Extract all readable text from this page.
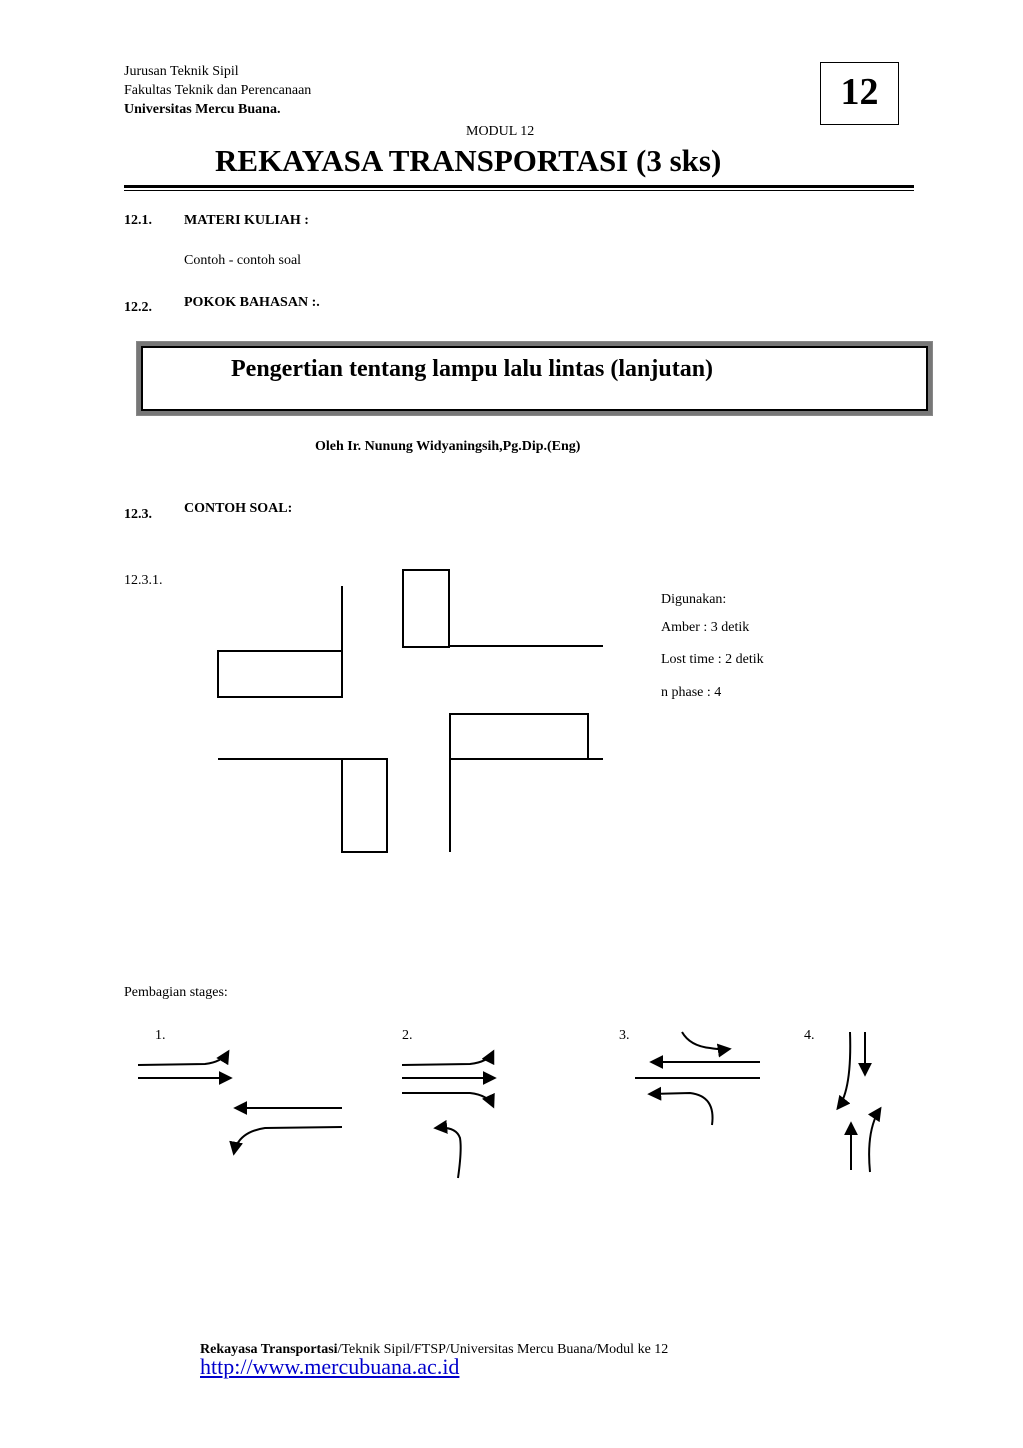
Jurusan Teknik Sipil
Fakultas Teknik dan Perencanaan
Universitas Mercu Buana.	12
MODUL 12
REKAYASA TRANSPORTASI (3 sks)
12.1. MATERI KULIAH :
Contoh - contoh soal
12.2. POKOK BAHASAN :.
Pengertian tentang lampu lalu lintas (lanjutan)
Oleh Ir. Nunung Widyaningsih,Pg.Dip.(Eng)
12.3. CONTOH SOAL:
12.3.1.
Digunakan:
Amber : 3 detik
Lost time : 2 detik
n phase : 4
Pembagian stages:
1.	2.	3.	4.
Rekayasa Transportasi/Teknik Sipil/FTSP/Universitas Mercu Buana/Modul ke 12
http://www.mercubuana.ac.id
